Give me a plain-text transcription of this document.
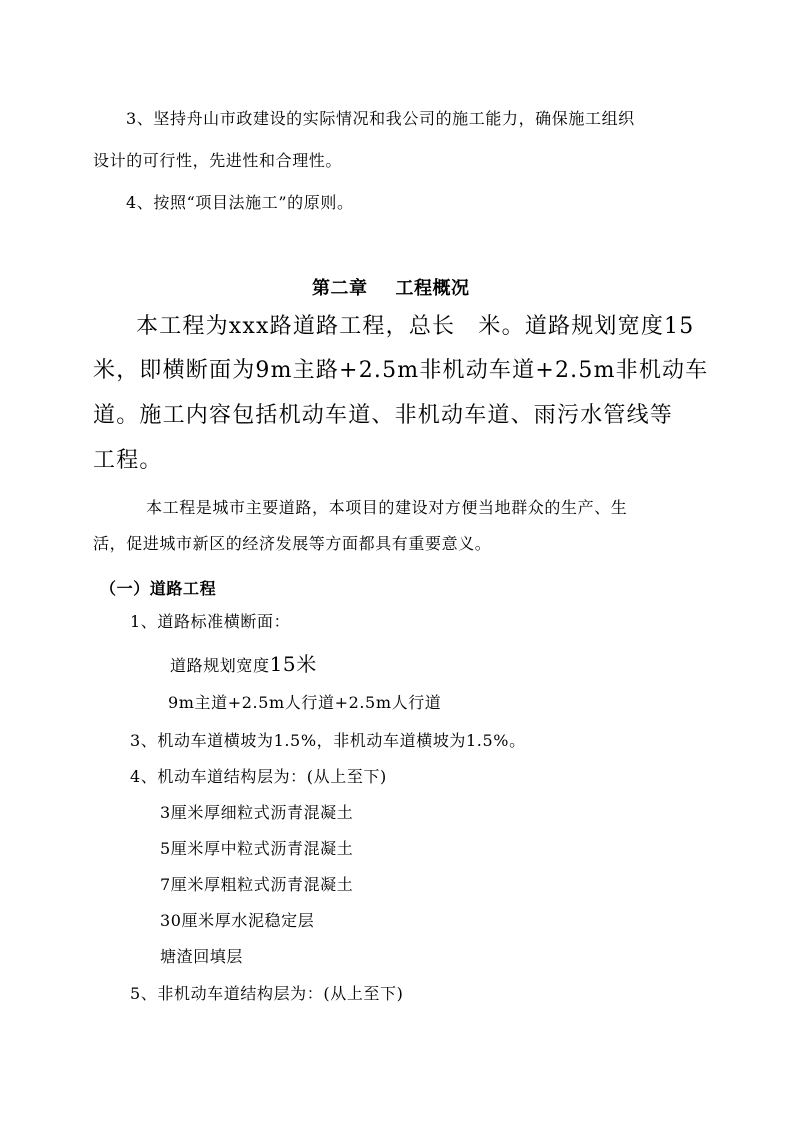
3、坚持舟山市政建设的实际情况和我公司的施工能力，确保施工组织

设计的可行性，先进性和合理性。

4、按照“项目法施工”的原则。

第二章 工程概况

本工程为xxx路道路工程，总长　米。道路规划宽度15

米，即横断面为9m主路+2.5m非机动车道+2.5m非机动车

道。施工内容包括机动车道、非机动车道、雨污水管线等

工程。

本工程是城市主要道路，本项目的建设对方便当地群众的生产、生

活，促进城市新区的经济发展等方面都具有重要意义。

（一）道路工程

1、道路标准横断面：

道路规划宽度15米

9m主道+2.5m人行道+2.5m人行道

3、机动车道横坡为1.5%，非机动车道横坡为1.5%。

4、机动车道结构层为：(从上至下)

3厘米厚细粒式沥青混凝土

5厘米厚中粒式沥青混凝土

7厘米厚粗粒式沥青混凝土

30厘米厚水泥稳定层

塘渣回填层

5、非机动车道结构层为：(从上至下)
